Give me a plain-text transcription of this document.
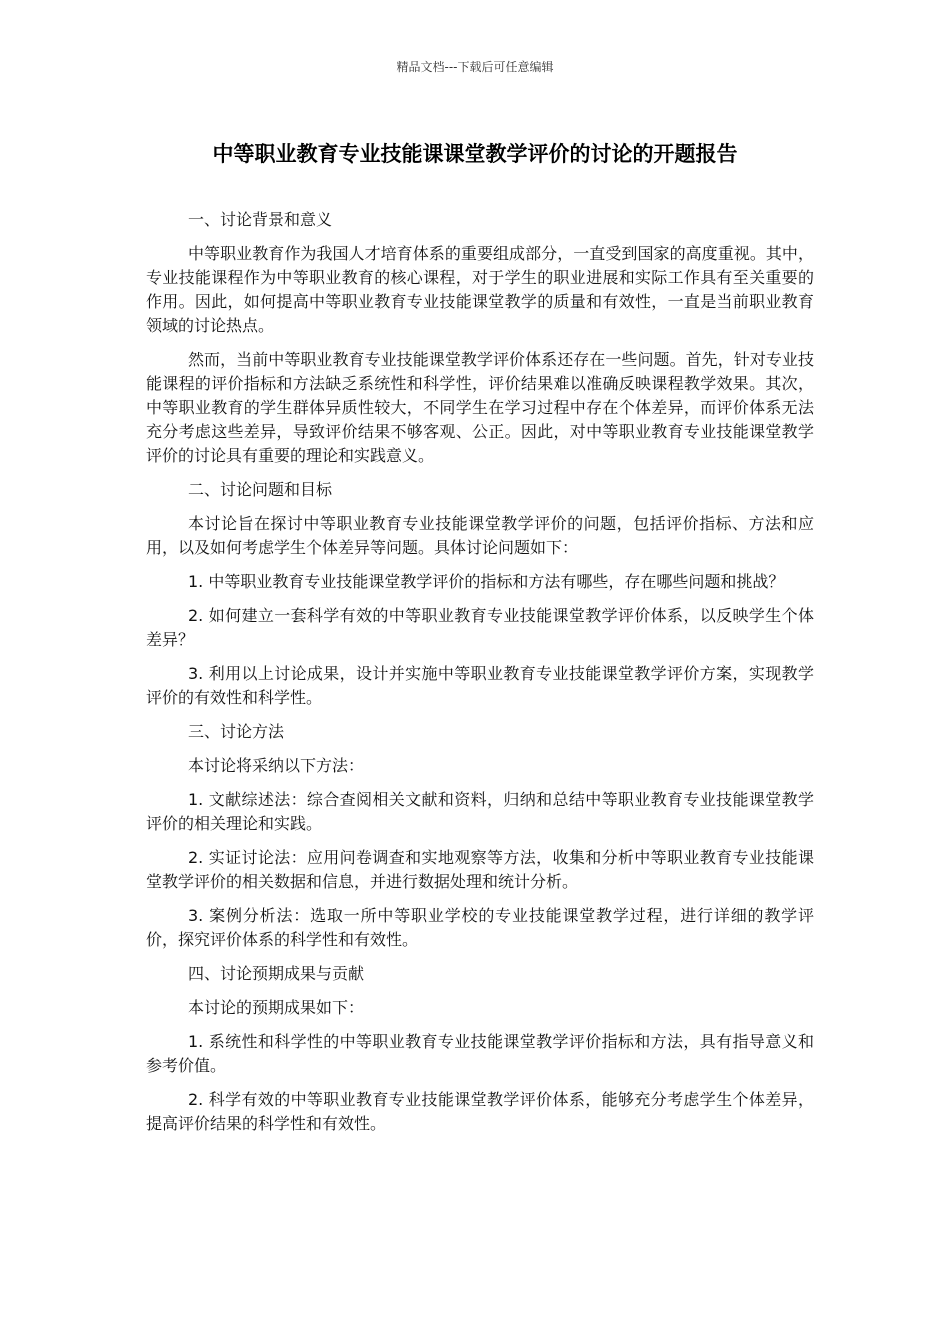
精品文档---下载后可任意编辑
中等职业教育专业技能课课堂教学评价的讨论的开题报告

一、讨论背景和意义

中等职业教育作为我国人才培育体系的重要组成部分，一直受到国家的高度重视。其中，专业技能课程作为中等职业教育的核心课程，对于学生的职业进展和实际工作具有至关重要的作用。因此，如何提高中等职业教育专业技能课堂教学的质量和有效性，一直是当前职业教育领域的讨论热点。

然而，当前中等职业教育专业技能课堂教学评价体系还存在一些问题。首先，针对专业技能课程的评价指标和方法缺乏系统性和科学性，评价结果难以准确反映课程教学效果。其次，中等职业教育的学生群体异质性较大，不同学生在学习过程中存在个体差异，而评价体系无法充分考虑这些差异，导致评价结果不够客观、公正。因此，对中等职业教育专业技能课堂教学评价的讨论具有重要的理论和实践意义。

二、讨论问题和目标

本讨论旨在探讨中等职业教育专业技能课堂教学评价的问题，包括评价指标、方法和应用，以及如何考虑学生个体差异等问题。具体讨论问题如下：

1. 中等职业教育专业技能课堂教学评价的指标和方法有哪些，存在哪些问题和挑战？

2. 如何建立一套科学有效的中等职业教育专业技能课堂教学评价体系，以反映学生个体差异？

3. 利用以上讨论成果，设计并实施中等职业教育专业技能课堂教学评价方案，实现教学评价的有效性和科学性。

三、讨论方法

本讨论将采纳以下方法：

1. 文献综述法：综合查阅相关文献和资料，归纳和总结中等职业教育专业技能课堂教学评价的相关理论和实践。

2. 实证讨论法：应用问卷调查和实地观察等方法，收集和分析中等职业教育专业技能课堂教学评价的相关数据和信息，并进行数据处理和统计分析。

3. 案例分析法：选取一所中等职业学校的专业技能课堂教学过程，进行详细的教学评价，探究评价体系的科学性和有效性。

四、讨论预期成果与贡献

本讨论的预期成果如下：

1. 系统性和科学性的中等职业教育专业技能课堂教学评价指标和方法，具有指导意义和参考价值。

2. 科学有效的中等职业教育专业技能课堂教学评价体系，能够充分考虑学生个体差异，提高评价结果的科学性和有效性。
